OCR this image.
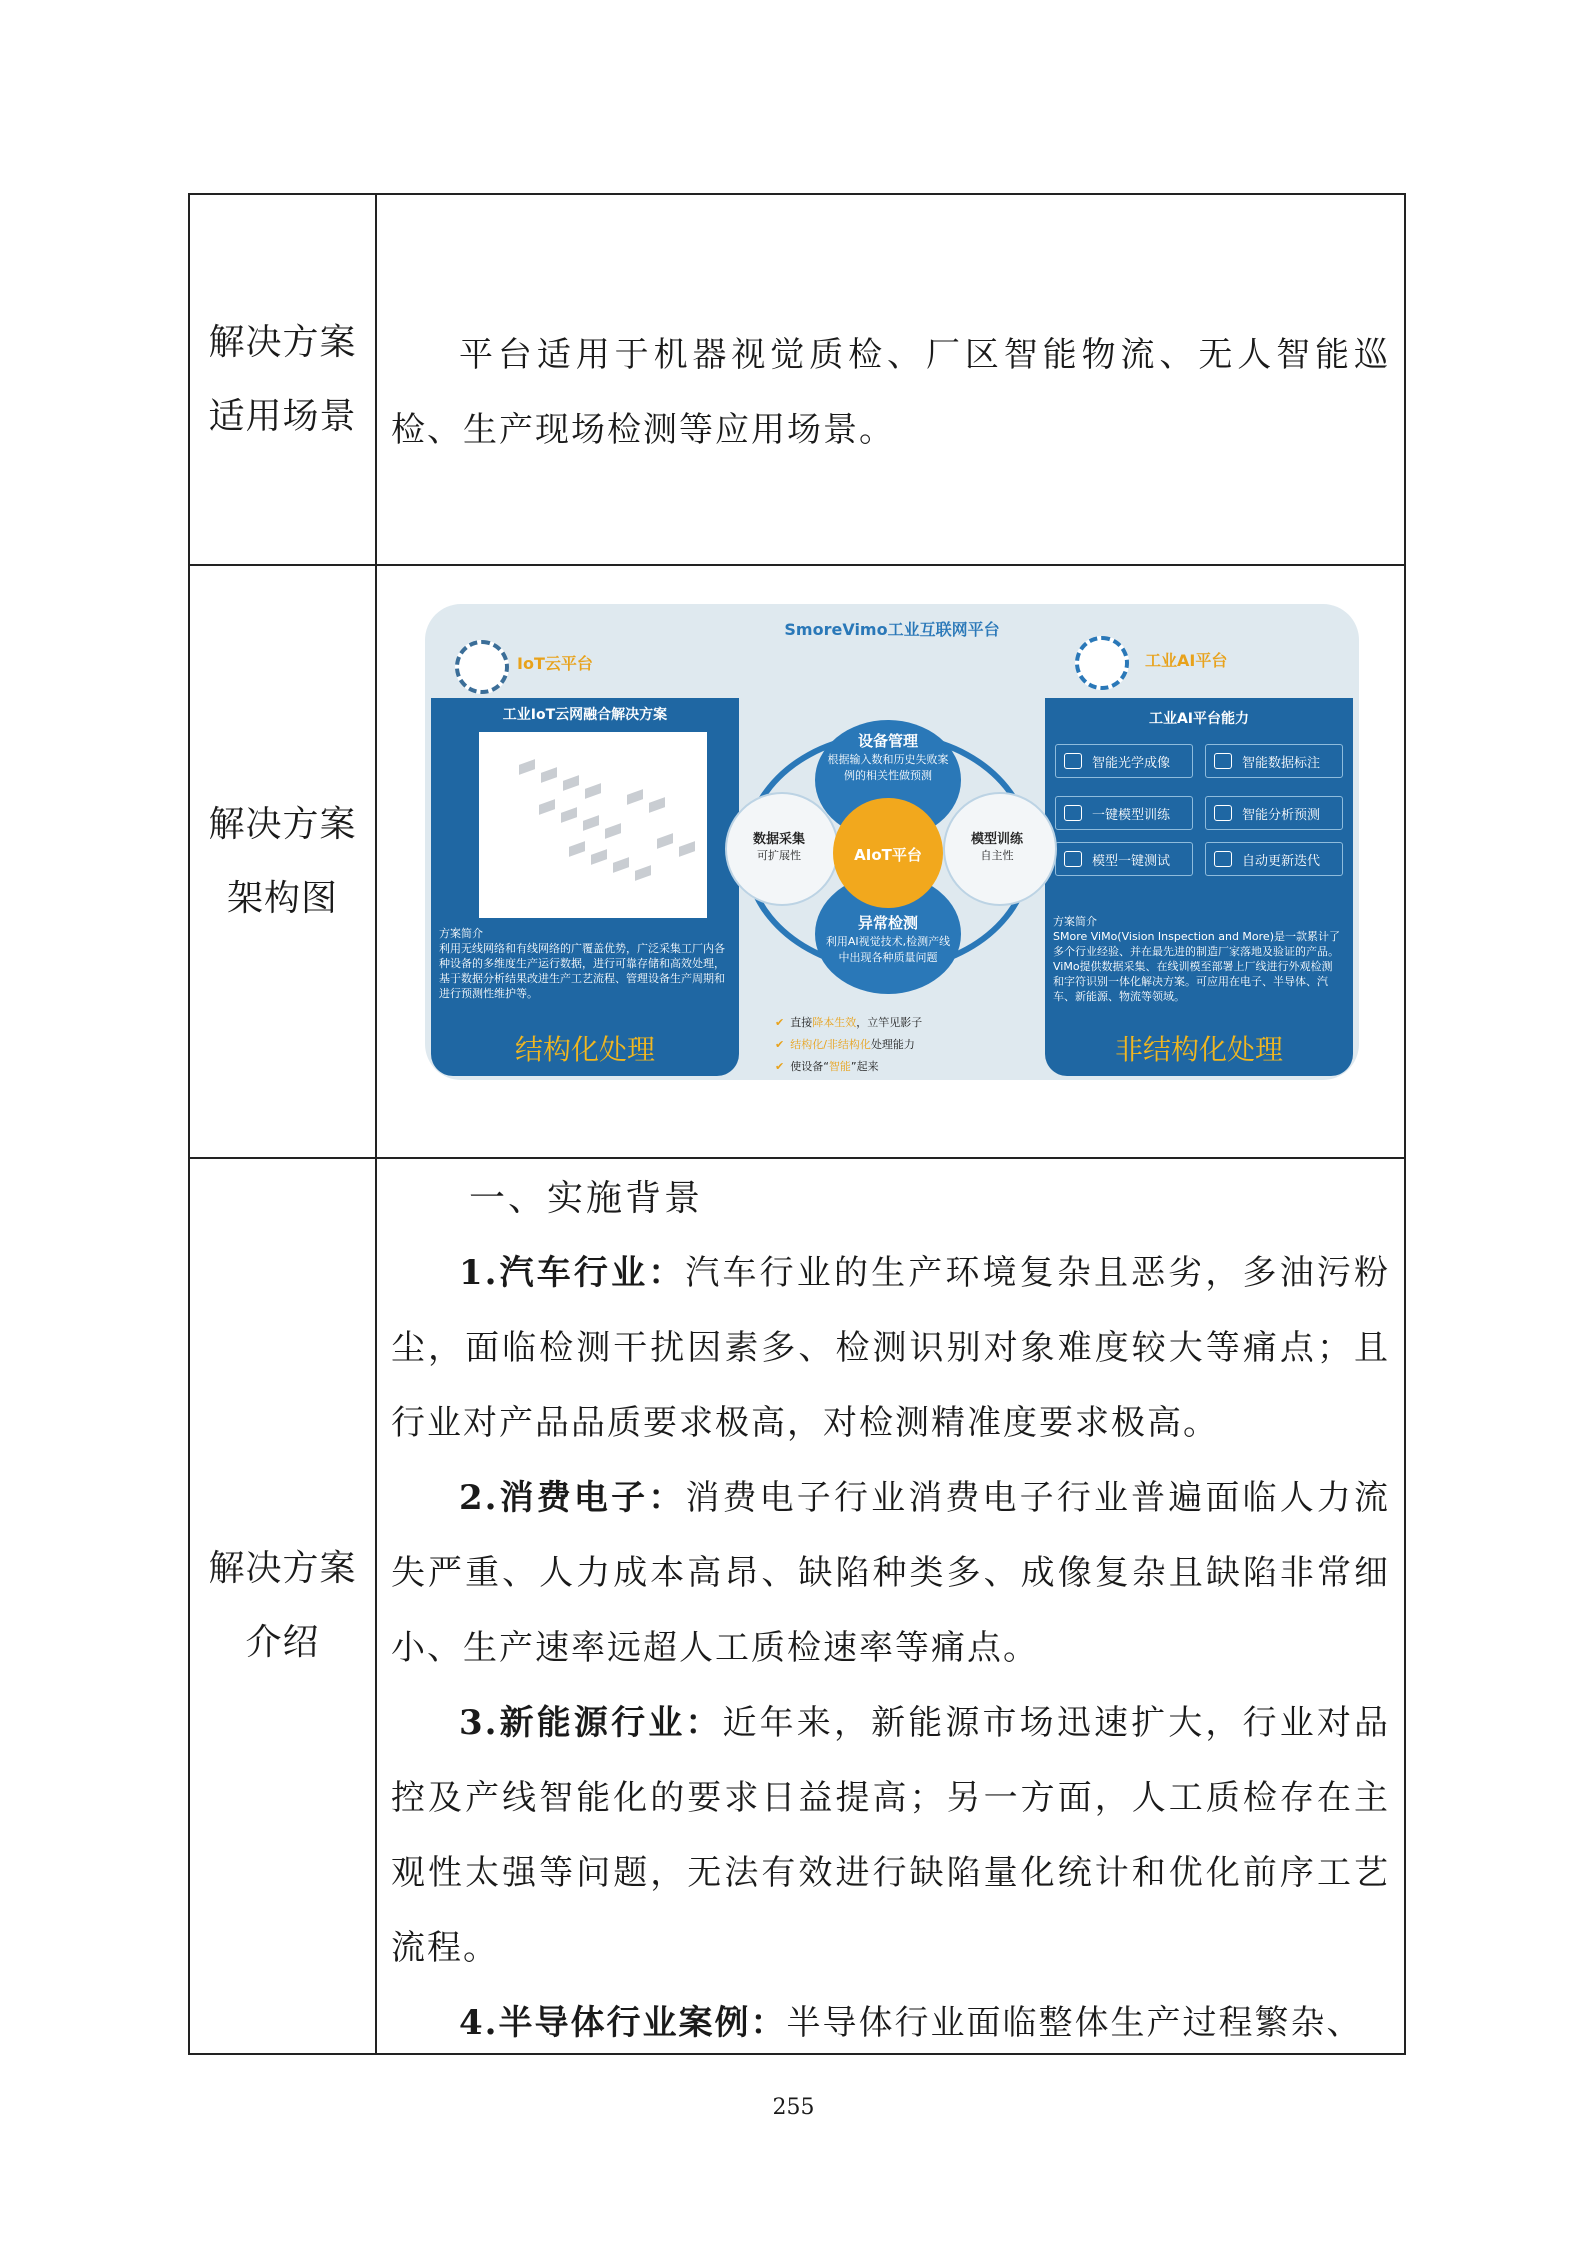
解决方案
适用场景

平台适用于机器视觉质检、厂区智能物流、无人智能巡检、生产现场检测等应用场景。

解决方案
架构图
SmoreVimo工业互联网平台
IoT云平台	工业AI平台
工业IoT云网融合解决方案
方案简介
利用无线网络和有线网络的广覆盖优势，广泛采集工厂内各种设备的多维度生产运行数据，进行可靠存储和高效处理，基于数据分析结果改进生产工艺流程、管理设备生产周期和进行预测性维护等。
结构化处理
工业AI平台能力
智能光学成像	智能数据标注
一键模型训练	智能分析预测
模型一键测试	自动更新迭代
方案简介
SMore ViMo(Vision Inspection and More)是一款累计了多个行业经验、并在最先进的制造厂家落地及验证的产品。ViMo提供数据采集、在线训模至部署上厂线进行外观检测和字符识别一体化解决方案。可应用在电子、半导体、汽车、新能源、物流等领域。
非结构化处理
设备管理
根据输入数和历史失败案例的相关性做预测
异常检测
利用AI视觉技术,检测产线中出现各种质量问题
数据采集
可扩展性
模型训练
自主性
AIoT平台
✔ 直接降本生效，立竿见影子
✔ 结构化/非结构化处理能力
✔ 使设备“智能”起来
解决方案
介绍

一、实施背景

1.汽车行业：汽车行业的生产环境复杂且恶劣，多油污粉尘，面临检测干扰因素多、检测识别对象难度较大等痛点；且行业对产品品质要求极高，对检测精准度要求极高。

2.消费电子：消费电子行业消费电子行业普遍面临人力流失严重、人力成本高昂、缺陷种类多、成像复杂且缺陷非常细小、生产速率远超人工质检速率等痛点。

3.新能源行业：近年来，新能源市场迅速扩大，行业对品控及产线智能化的要求日益提高；另一方面，人工质检存在主观性太强等问题，无法有效进行缺陷量化统计和优化前序工艺流程。

4.半导体行业案例：半导体行业面临整体生产过程繁杂、

255
